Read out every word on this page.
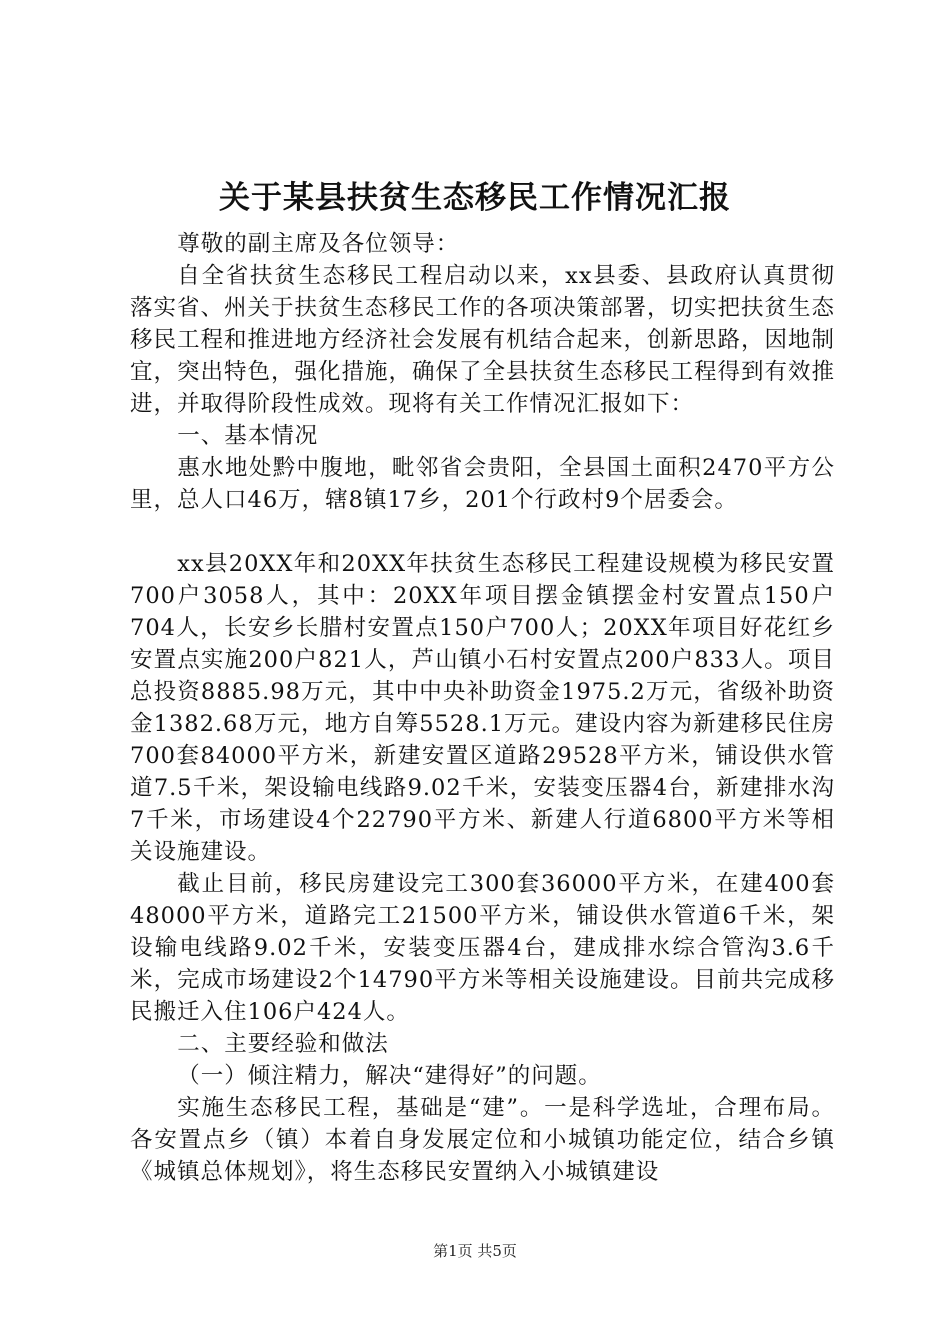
关于某县扶贫生态移民工作情况汇报

尊敬的副主席及各位领导：

自全省扶贫生态移民工程启动以来，xx县委、县政府认真贯彻落实省、州关于扶贫生态移民工作的各项决策部署，切实把扶贫生态移民工程和推进地方经济社会发展有机结合起来，创新思路，因地制宜，突出特色，强化措施，确保了全县扶贫生态移民工程得到有效推进，并取得阶段性成效。现将有关工作情况汇报如下：

一、基本情况

惠水地处黔中腹地，毗邻省会贵阳，全县国土面积2470平方公里，总人口46万，辖8镇17乡，201个行政村9个居委会。

xx县20XX年和20XX年扶贫生态移民工程建设规模为移民安置700户3058人，其中：20XX年项目摆金镇摆金村安置点150户704人，长安乡长腊村安置点150户700人；20XX年项目好花红乡安置点实施200户821人，芦山镇小石村安置点200户833人。项目总投资8885.98万元，其中中央补助资金1975.2万元，省级补助资金1382.68万元，地方自筹5528.1万元。建设内容为新建移民住房700套84000平方米，新建安置区道路29528平方米，铺设供水管道7.5千米，架设输电线路9.02千米，安装变压器4台，新建排水沟7千米，市场建设4个22790平方米、新建人行道6800平方米等相关设施建设。

截止目前，移民房建设完工300套36000平方米，在建400套48000平方米，道路完工21500平方米，铺设供水管道6千米，架设输电线路9.02千米，安装变压器4台，建成排水综合管沟3.6千米，完成市场建设2个14790平方米等相关设施建设。目前共完成移民搬迁入住106户424人。

二、主要经验和做法

（一）倾注精力，解决“建得好”的问题。

实施生态移民工程，基础是“建”。一是科学选址，合理布局。各安置点乡（镇）本着自身发展定位和小城镇功能定位，结合乡镇《城镇总体规划》，将生态移民安置纳入小城镇建设

第1页 共5页
